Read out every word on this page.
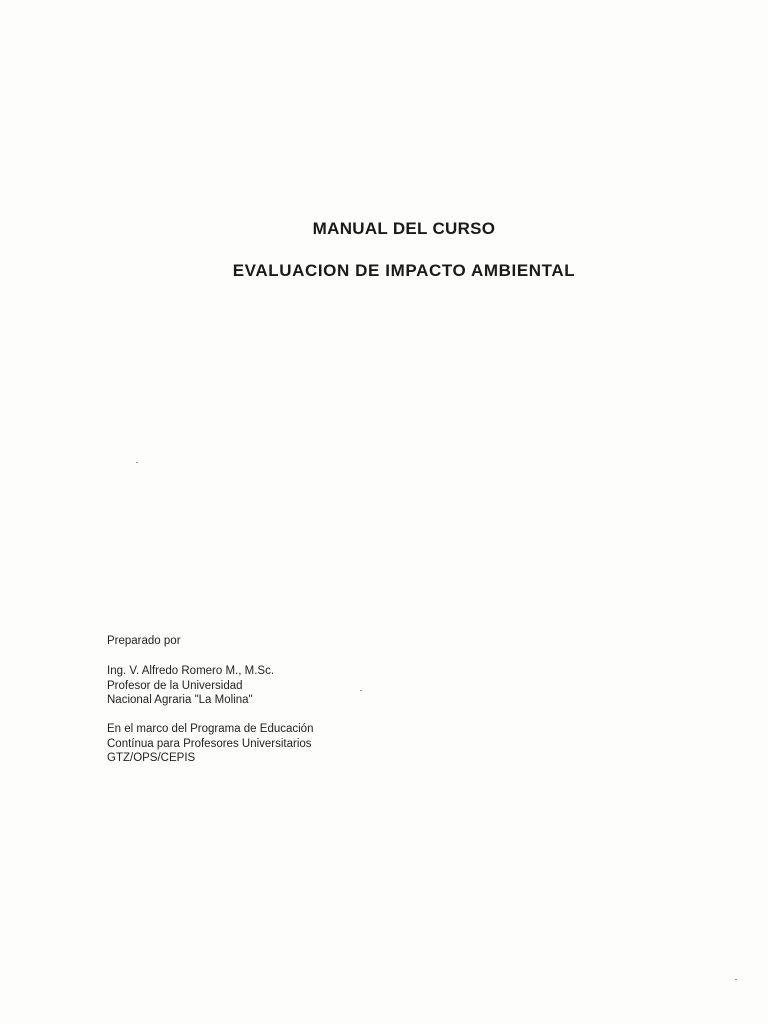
MANUAL DEL CURSO
EVALUACION DE IMPACTO AMBIENTAL
Preparado por
Ing. V. Alfredo Romero M., M.Sc.
Profesor de la Universidad
Nacional Agraria "La Molina"
En el marco del Programa de Educación
Contínua para Profesores Universitarios
GTZ/OPS/CEPIS
